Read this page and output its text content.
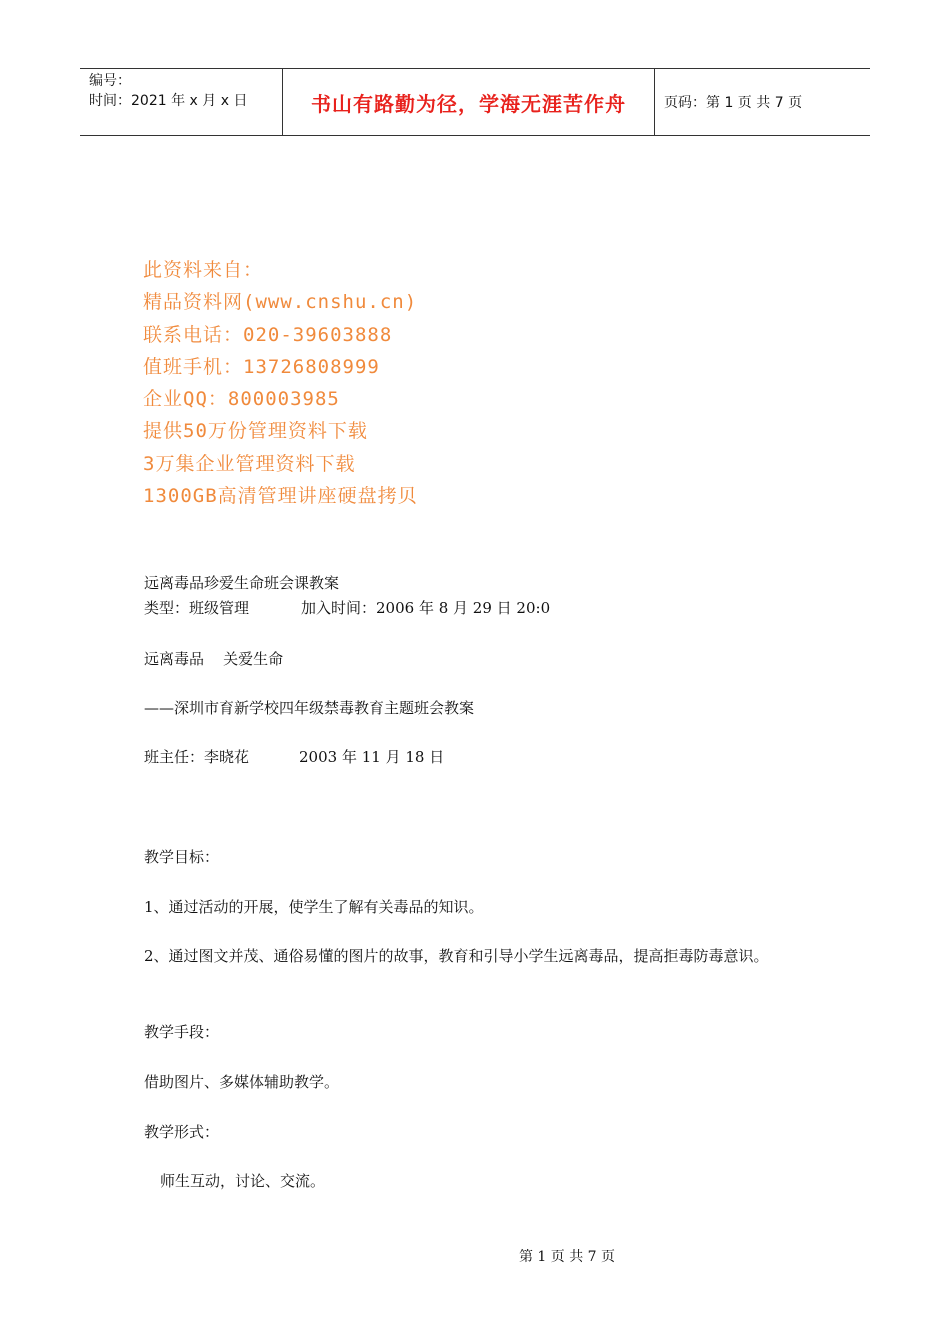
编号：
时间：2021 年 x 月 x 日	书山有路勤为径，学海无涯苦作舟	页码：第 1 页 共 7 页
此资料来自：
精品资料网(www.cnshu.cn)
联系电话：020-39603888
值班手机：13726808999
企业QQ：800003985
提供50万份管理资料下载
3万集企业管理资料下载
1300GB高清管理讲座硬盘拷贝
远离毒品珍爱生命班会课教案
类型：班级管理	加入时间：2006 年 8 月 29 日 20:0
远离毒品    关爱生命
——深圳市育新学校四年级禁毒教育主题班会教案
班主任：李晓花	2003 年 11 月 18 日
教学目标：
1、通过活动的开展，使学生了解有关毒品的知识。
2、通过图文并茂、通俗易懂的图片的故事，教育和引导小学生远离毒品，提高拒毒防毒意识。
教学手段：
借助图片、多媒体辅助教学。
教学形式：
师生互动，讨论、交流。
第 1 页 共 7 页
